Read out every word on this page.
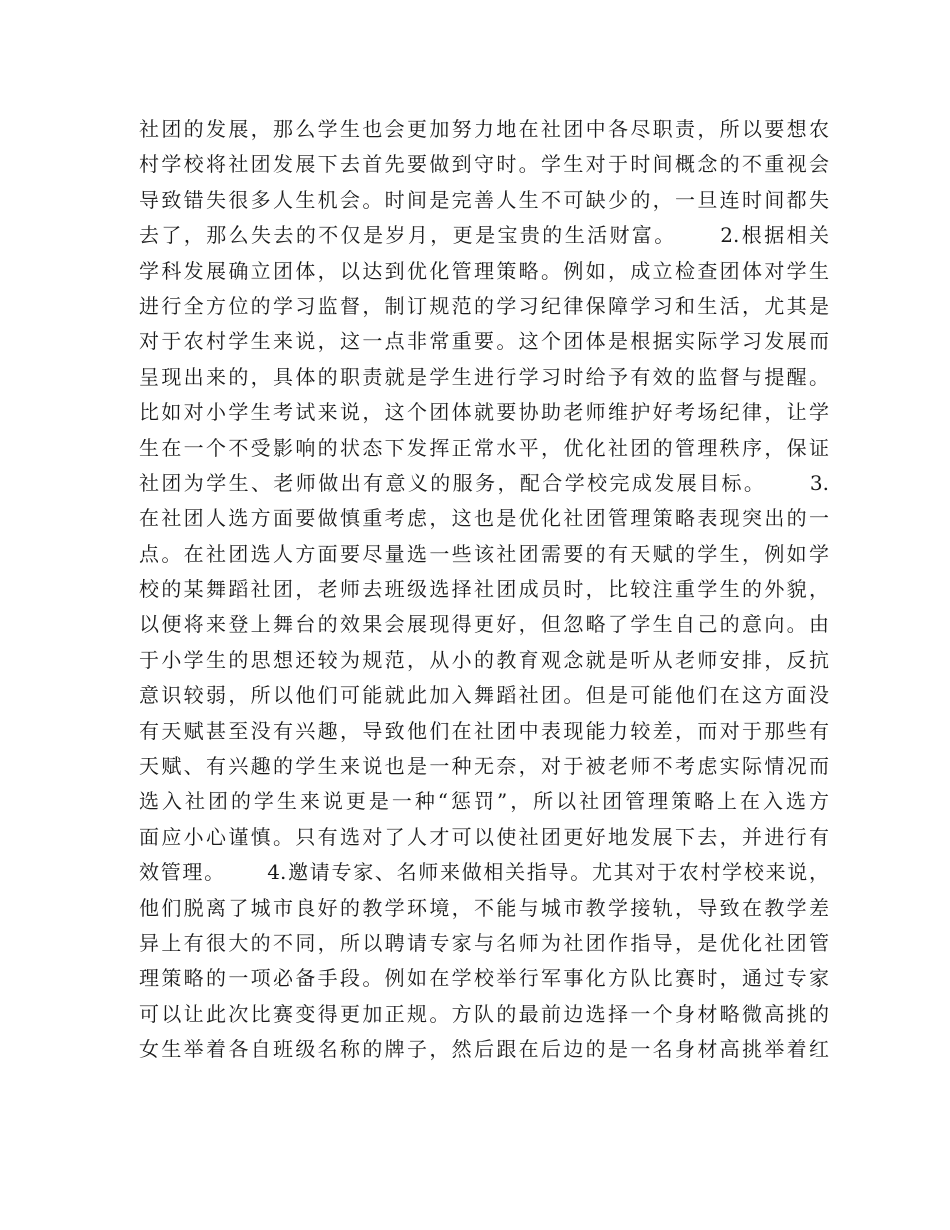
社团的发展，那么学生也会更加努力地在社团中各尽职责，所以要想农

村学校将社团发展下去首先要做到守时。学生对于时间概念的不重视会

导致错失很多人生机会。时间是完善人生不可缺少的，一旦连时间都失

去了，那么失去的不仅是岁月，更是宝贵的生活财富。　　 2.根据相关

学科发展确立团体，以达到优化管理策略。例如，成立检查团体对学生

进行全方位的学习监督，制订规范的学习纪律保障学习和生活，尤其是

对于农村学生来说，这一点非常重要。这个团体是根据实际学习发展而

呈现出来的，具体的职责就是学生进行学习时给予有效的监督与提醒。

比如对小学生考试来说，这个团体就要协助老师维护好考场纪律，让学

生在一个不受影响的状态下发挥正常水平，优化社团的管理秩序，保证

社团为学生、老师做出有意义的服务，配合学校完成发展目标。　　 3.

在社团人选方面要做慎重考虑，这也是优化社团管理策略表现突出的一

点。在社团选人方面要尽量选一些该社团需要的有天赋的学生，例如学

校的某舞蹈社团，老师去班级选择社团成员时，比较注重学生的外貌，

以便将来登上舞台的效果会展现得更好，但忽略了学生自己的意向。由

于小学生的思想还较为规范，从小的教育观念就是听从老师安排，反抗

意识较弱，所以他们可能就此加入舞蹈社团。但是可能他们在这方面没

有天赋甚至没有兴趣，导致他们在社团中表现能力较差，而对于那些有

天赋、有兴趣的学生来说也是一种无奈，对于被老师不考虑实际情况而

选入社团的学生来说更是一种“惩罚”，所以社团管理策略上在入选方

面应小心谨慎。只有选对了人才可以使社团更好地发展下去，并进行有

效管理。　　 4.邀请专家、名师来做相关指导。尤其对于农村学校来说，

他们脱离了城市良好的教学环境，不能与城市教学接轨，导致在教学差

异上有很大的不同，所以聘请专家与名师为社团作指导，是优化社团管

理策略的一项必备手段。例如在学校举行军事化方队比赛时，通过专家

可以让此次比赛变得更加正规。方队的最前边选择一个身材略微高挑的

女生举着各自班级名称的牌子，然后跟在后边的是一名身材高挑举着红
